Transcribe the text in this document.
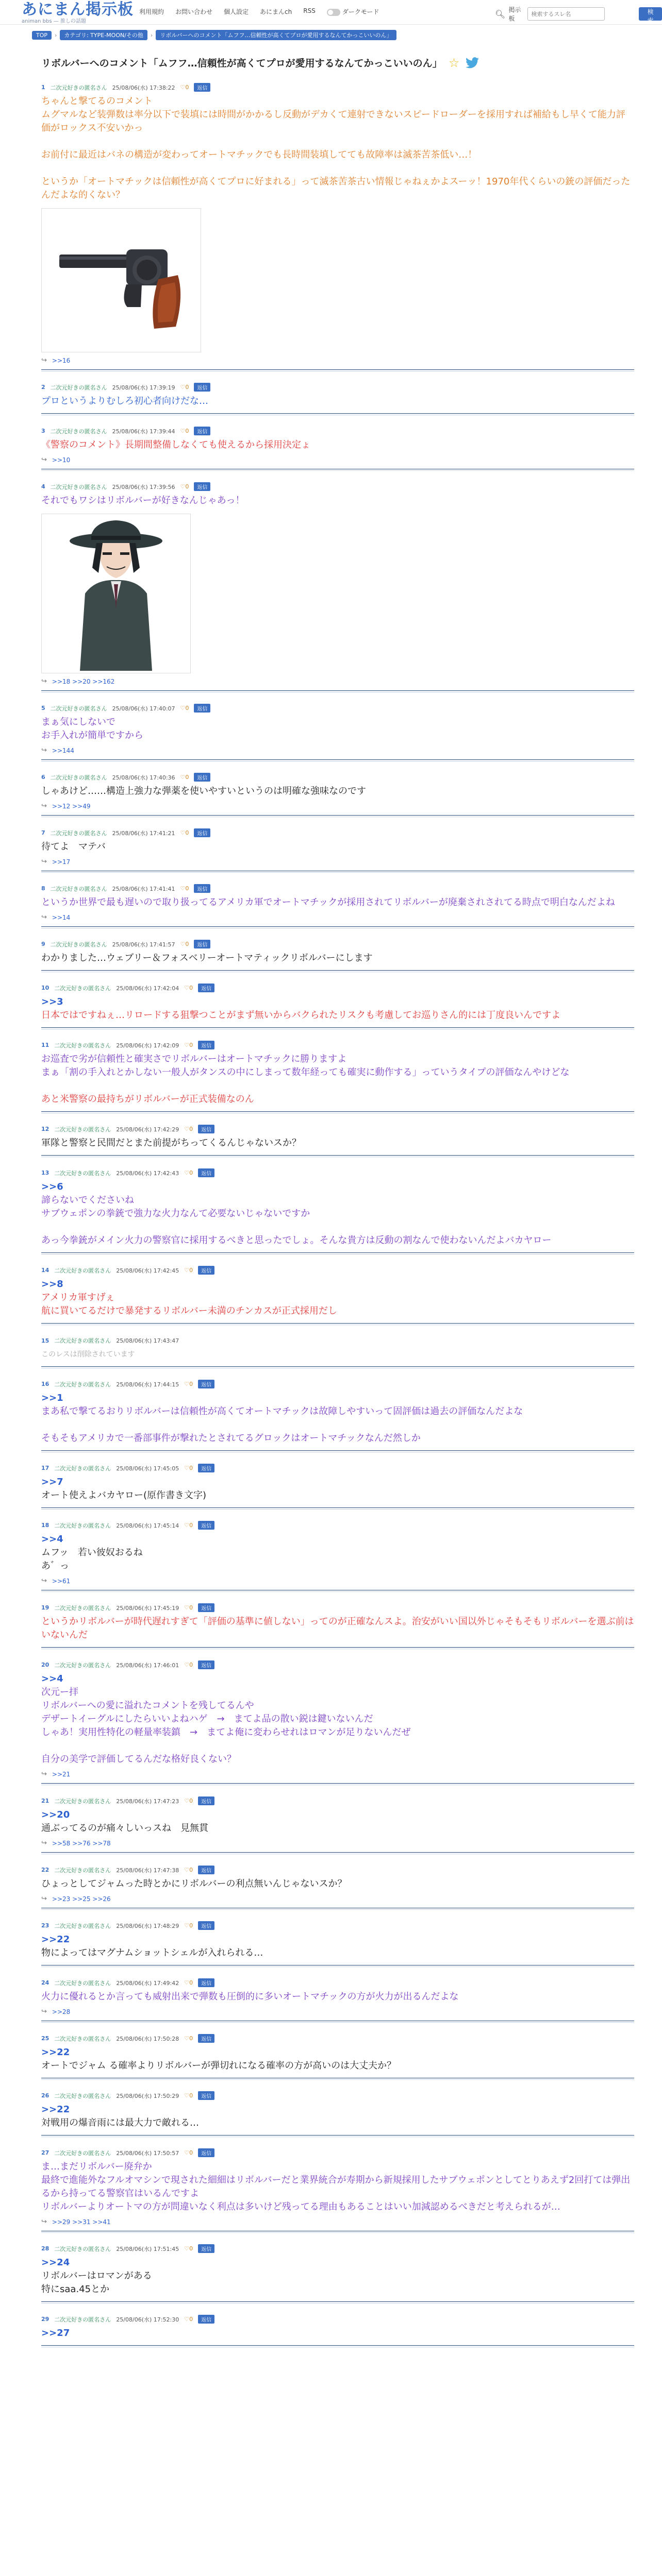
あにまん掲示板
animan bbs — 推しの話題
利用規約 お問い合わせ 個人設定 あにまんch RSS	ダークモード	🔍︎ 掲示板
検索するスレ名
検索
TOP	›	カテゴリ: TYPE-MOON/その他	›	リボルバーへのコメント「ムフフ…信頼性が高くてプロが愛用するなんてかっこいいのん」
リボルバーへのコメント「ムフフ…信頼性が高くてプロが愛用するなんてかっこいいのん」 ☆
1 二次元好きの匿名さん 25/08/06(水) 17:38:22 ♡0	返信
ちゃんと撃てるのコメント
ムグマルなど装弾数は率分以下で装填には時間がかかるし反動がデカくて連射できないスピードローダーを採用すれば補給もし早くて能力評価がロックス不安いかっ
お前付に最近はバネの構造が変わってオートマチックでも長時間装填してても故障率は滅茶苦茶低い…！
というか「オートマチックは信頼性が高くてプロに好まれる」って滅茶苦茶古い情報じゃねぇかよスーッ！1970年代くらいの銃の評価だったんだよな的くない？
↪ >>16
2 二次元好きの匿名さん 25/08/06(水) 17:39:19 ♡0	返信
プロというよりむしろ初心者向けだな…
3 二次元好きの匿名さん 25/08/06(水) 17:39:44 ♡0	返信
《警察のコメント》長期間整備しなくても使えるから採用決定ょ
↪ >>10
4 二次元好きの匿名さん 25/08/06(水) 17:39:56 ♡0	返信
それでもワシはリボルバーが好きなんじゃあっ！
↪ >>18 >>20 >>162
5 二次元好きの匿名さん 25/08/06(水) 17:40:07 ♡0	返信
まぁ気にしないで
お手入れが簡単ですから
↪ >>144
6 二次元好きの匿名さん 25/08/06(水) 17:40:36 ♡0	返信
しゃあけど……構造上強力な弾薬を使いやすいというのは明確な強味なのです
↪ >>12 >>49
7 二次元好きの匿名さん 25/08/06(水) 17:41:21 ♡0	返信
待てよ　マテバ
↪ >>17
8 二次元好きの匿名さん 25/08/06(水) 17:41:41 ♡0	返信
というか世界で最も遅いので取り扱ってるアメリカ軍でオートマチックが採用されてリボルバーが廃棄されされてる時点で明白なんだよね
↪ >>14
9 二次元好きの匿名さん 25/08/06(水) 17:41:57 ♡0	返信
わかりました…ウェブリー＆フォスベリーオートマティックリボルバーにします
10 二次元好きの匿名さん 25/08/06(水) 17:42:04 ♡0	返信
>>3
日本ではですねぇ…リロードする狙撃つことがまず無いからバクられたリスクも考慮してお巡りさん的には丁度良いんですよ
11 二次元好きの匿名さん 25/08/06(水) 17:42:09 ♡0	返信
お巡査で劣が信頼性と確実さでリボルバーはオートマチックに勝りますよ
まぁ「割の手入れとかしない一般人がタンスの中にしまって数年経っても確実に動作する」っていうタイプの評価なんやけどな
あと米警察の最持ちがリボルバーが正式装備なのん
12 二次元好きの匿名さん 25/08/06(水) 17:42:29 ♡0	返信
軍隊と警察と民間だとまた前提がちってくるんじゃないスか？
13 二次元好きの匿名さん 25/08/06(水) 17:42:43 ♡0	返信
>>6
諦らないでくださいね
サブウェポンの拳銃で強力な火力なんて必要ないじゃないですか
あっ今拳銃がメイン火力の警察官に採用するべきと思ったでしょ。そんな貴方は反動の割なんで使わないんだよバカヤロー
14 二次元好きの匿名さん 25/08/06(水) 17:42:45 ♡0	返信
>>8
アメリカ軍すげぇ
航に買いてるだけで暴発するリボルバー未満のチンカスが正式採用だし
15 二次元好きの匿名さん 25/08/06(水) 17:43:47
このレスは削除されています
16 二次元好きの匿名さん 25/08/06(水) 17:44:15 ♡0	返信
>>1
まあ私で撃てるおりリボルバーは信頼性が高くてオートマチックは故障しやすいって固評価は過去の評価なんだよな
そもそもアメリカで一番部事件が撃れたとされてるグロックはオートマチックなんだ然しか
17 二次元好きの匿名さん 25/08/06(水) 17:45:05 ♡0	返信
>>7
オート使えよバカヤロー(原作書き文字)
18 二次元好きの匿名さん 25/08/06(水) 17:45:14 ♡0	返信
>>4
ムフッ　若い彼奴おるね
あ゛っ
↪ >>61
19 二次元好きの匿名さん 25/08/06(水) 17:45:19 ♡0	返信
というかリボルバーが時代遅れすぎて「評価の基準に値しない」ってのが正確なんスよ。治安がいい国以外じゃそもそもリボルバーを選ぶ前はいないんだ
20 二次元好きの匿名さん 25/08/06(水) 17:46:01 ♡0	返信
>>4
次元ー拝
リボルバーへの愛に溢れたコメントを残してるんや
デザートイーグルにしたらいいよねハゲ　→　まてよ品の散い鋭は鍵いないんだ
しゃあ！実用性特化の軽量率装鎮　→　まてよ俺に変わらせれはロマンが足りないんだぜ
自分の美学で評価してるんだな格好良くない？
↪ >>21
21 二次元好きの匿名さん 25/08/06(水) 17:47:23 ♡0	返信
>>20
通ぶってるのが痛々しいっスね　見無貫
↪ >>58 >>76 >>78
22 二次元好きの匿名さん 25/08/06(水) 17:47:38 ♡0	返信
ひょっとしてジャムった時とかにリボルバーの利点無いんじゃないスか？
↪ >>23 >>25 >>26
23 二次元好きの匿名さん 25/08/06(水) 17:48:29 ♡0	返信
>>22
物によってはマグナムショットシェルが入れられる…
24 二次元好きの匿名さん 25/08/06(水) 17:49:42 ♡0	返信
火力に優れるとか言っても威射出来で弾数も圧倒的に多いオートマチックの方が火力が出るんだよな
↪ >>28
25 二次元好きの匿名さん 25/08/06(水) 17:50:28 ♡0	返信
>>22
オートでジャム る確率よりリボルバーが弾切れになる確率の方が高いのは大丈夫か？
26 二次元好きの匿名さん 25/08/06(水) 17:50:29 ♡0	返信
>>22
対戦用の爆音雨には最大力で敵れる…
27 二次元好きの匿名さん 25/08/06(水) 17:50:57 ♡0	返信
ま…まだリボルバー廃弁か
最終で進能外なフルオマシンで現された細細はリボルバーだと業界統合が寿期から新規採用したサブウェポンとしてとりあえず2回打ては弾出るから持ってる警察官はいるんですよ
リボルバーよりオートマの方が問違いなく利点は多いけど残ってる理由もあることはいい加減認めるべきだと考えられるが…
↪ >>29 >>31 >>41
28 二次元好きの匿名さん 25/08/06(水) 17:51:45 ♡0	返信
>>24
リボルバーはロマンがある
特にsaa.45とか
29 二次元好きの匿名さん 25/08/06(水) 17:52:30 ♡0	返信
>>27
